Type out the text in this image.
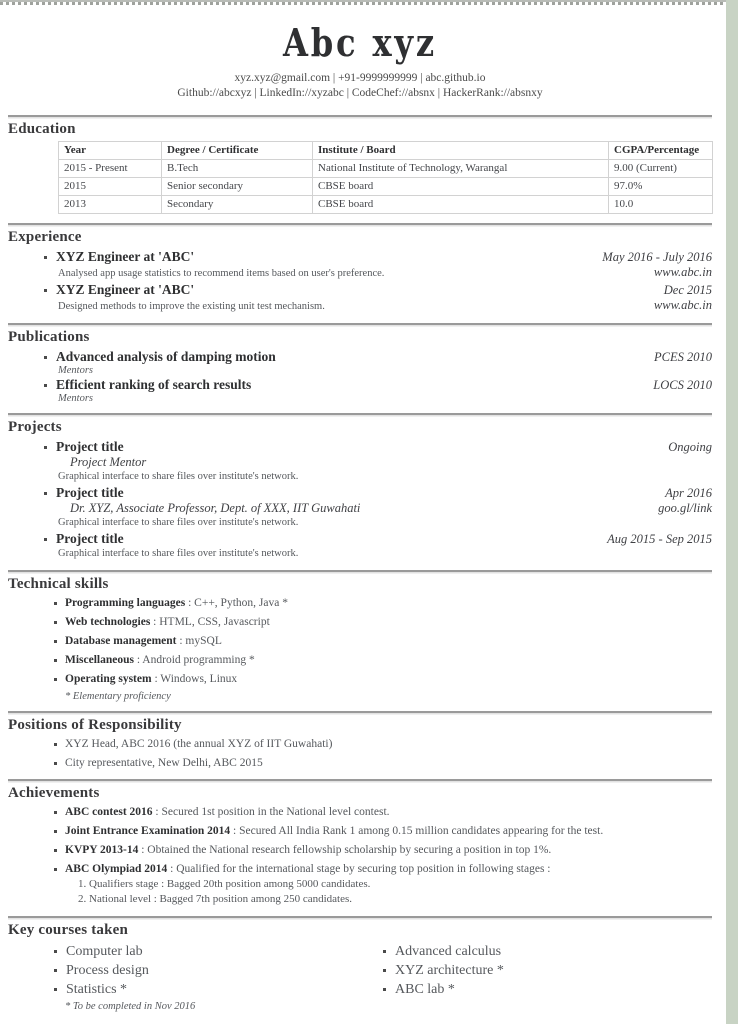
Abc xyz
xyz.xyz@gmail.com | +91-9999999999 | abc.github.io
Github://abcxyz | LinkedIn://xyzabc | CodeChef://absnx | HackerRank://absnxy
Education
Year	Degree / Certificate	Institute / Board	CGPA/Percentage
2015 - Present	B.Tech	National Institute of Technology, Warangal	9.00 (Current)
2015	Senior secondary	CBSE board	97.0%
2013	Secondary	CBSE board	10.0
Experience
XYZ Engineer at 'ABC'	May 2016 - July 2016
Analysed app usage statistics to recommend items based on user's preference.	www.abc.in
XYZ Engineer at 'ABC'	Dec 2015
Designed methods to improve the existing unit test mechanism.	www.abc.in
Publications
Advanced analysis of damping motion	PCES 2010
Mentors
Efficient ranking of search results	LOCS 2010
Mentors
Projects
Project title	Ongoing
Project Mentor
Graphical interface to share files over institute's network.
Project title	Apr 2016
Dr. XYZ, Associate Professor, Dept. of XXX, IIT Guwahati	goo.gl/link
Graphical interface to share files over institute's network.
Project title	Aug 2015 - Sep 2015
Graphical interface to share files over institute's network.
Technical skills
Programming languages : C++, Python, Java *
Web technologies : HTML, CSS, Javascript
Database management : mySQL
Miscellaneous : Android programming *
Operating system : Windows, Linux
* Elementary proficiency
Positions of Responsibility
XYZ Head, ABC 2016 (the annual XYZ of IIT Guwahati)
City representative, New Delhi, ABC 2015
Achievements
ABC contest 2016 : Secured 1st position in the National level contest.
Joint Entrance Examination 2014 : Secured All India Rank 1 among 0.15 million candidates appearing for the test.
KVPY 2013-14 : Obtained the National research fellowship scholarship by securing a position in top 1%.
ABC Olympiad 2014 : Qualified for the international stage by securing top position in following stages :
1. Qualifiers stage : Bagged 20th position among 5000 candidates.
2. National level : Bagged 7th position among 250 candidates.
Key courses taken
Computer lab
Process design
Statistics *
Advanced calculus
XYZ architecture *
ABC lab *
* To be completed in Nov 2016
